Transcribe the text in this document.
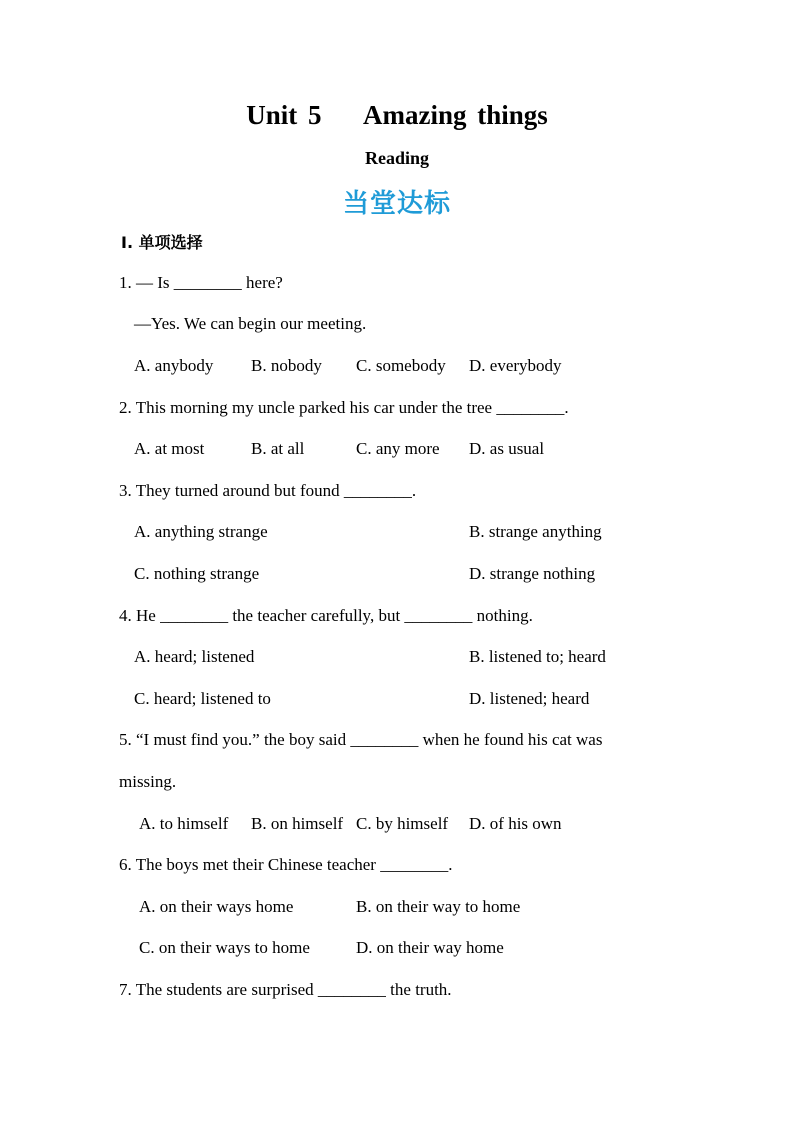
Unit 5    Amazing things
Reading
当堂达标
Ⅰ. 单项选择
1. — Is ________ here?
—Yes. We can begin our meeting.
A. anybody B. nobody C. somebody D. everybody
2. This morning my uncle parked his car under the tree ________.
A. at most	B. at all	C. any more D. as usual
3. They turned around but found ________.
A. anything strange	B. strange anything
C. nothing strange	D. strange nothing
4. He ________ the teacher carefully, but ________ nothing.
A. heard; listened	B. listened to; heard
C. heard; listened to	D. listened; heard
5. “I must find you.” the boy said ________ when he found his cat was
missing.
A. to himself B. on himself C. by himself D. of his own
6. The boys met their Chinese teacher ________.
A. on their ways home	B. on their way to home
C. on their ways to home	D. on their way home
7. The students are surprised ________ the truth.
